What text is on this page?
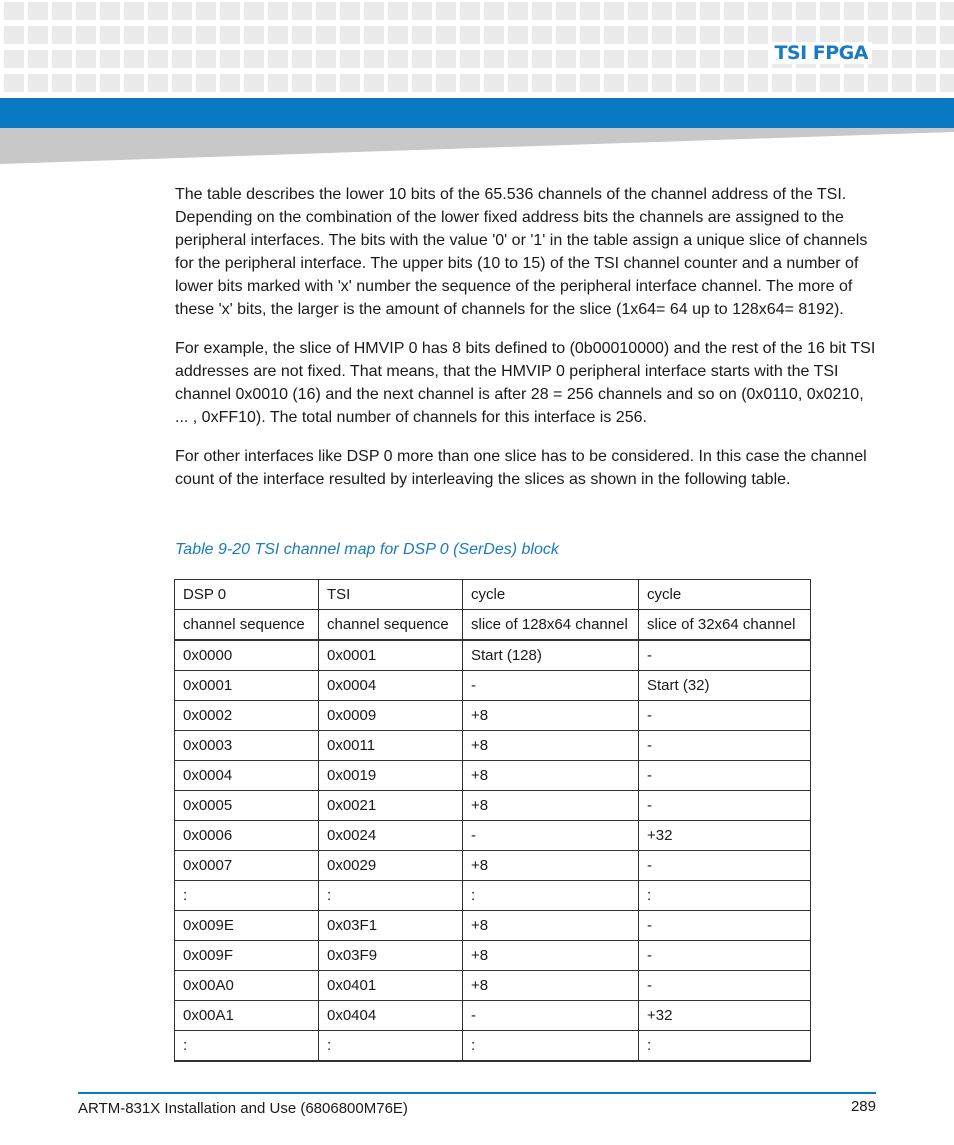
TSI FPGA

The table describes the lower 10 bits of the 65.536 channels of the channel address of the TSI. Depending on the combination of the lower fixed address bits the channels are assigned to the peripheral interfaces. The bits with the value '0' or '1' in the table assign a unique slice of channels for the peripheral interface. The upper bits (10 to 15) of the TSI channel counter and a number of lower bits marked with 'x' number the sequence of the peripheral interface channel. The more of these 'x' bits, the larger is the amount of channels for the slice (1x64= 64 up to 128x64= 8192).

For example, the slice of HMVIP 0 has 8 bits defined to (0b00010000) and the rest of the 16 bit TSI addresses are not fixed. That means, that the HMVIP 0 peripheral interface starts with the TSI channel 0x0010 (16) and the next channel is after 28 = 256 channels and so on (0x0110, 0x0210, ... , 0xFF10). The total number of channels for this interface is 256.

For other interfaces like DSP 0 more than one slice has to be considered. In this case the channel count of the interface resulted by interleaving the slices as shown in the following table.

Table 9-20 TSI channel map for DSP 0 (SerDes) block
DSP 0	TSI	cycle	cycle
channel sequence	channel sequence	slice of 128x64 channel	slice of 32x64 channel
0x0000	0x0001	Start (128)	-
0x0001	0x0004	-	Start (32)
0x0002	0x0009	+8	-
0x0003	0x0011	+8	-
0x0004	0x0019	+8	-
0x0005	0x0021	+8	-
0x0006	0x0024	-	+32
0x0007	0x0029	+8	-
:	:	:	:
0x009E	0x03F1	+8	-
0x009F	0x03F9	+8	-
0x00A0	0x0401	+8	-
0x00A1	0x0404	-	+32
:	:	:	:
ARTM-831X Installation and Use (6806800M76E)	289
